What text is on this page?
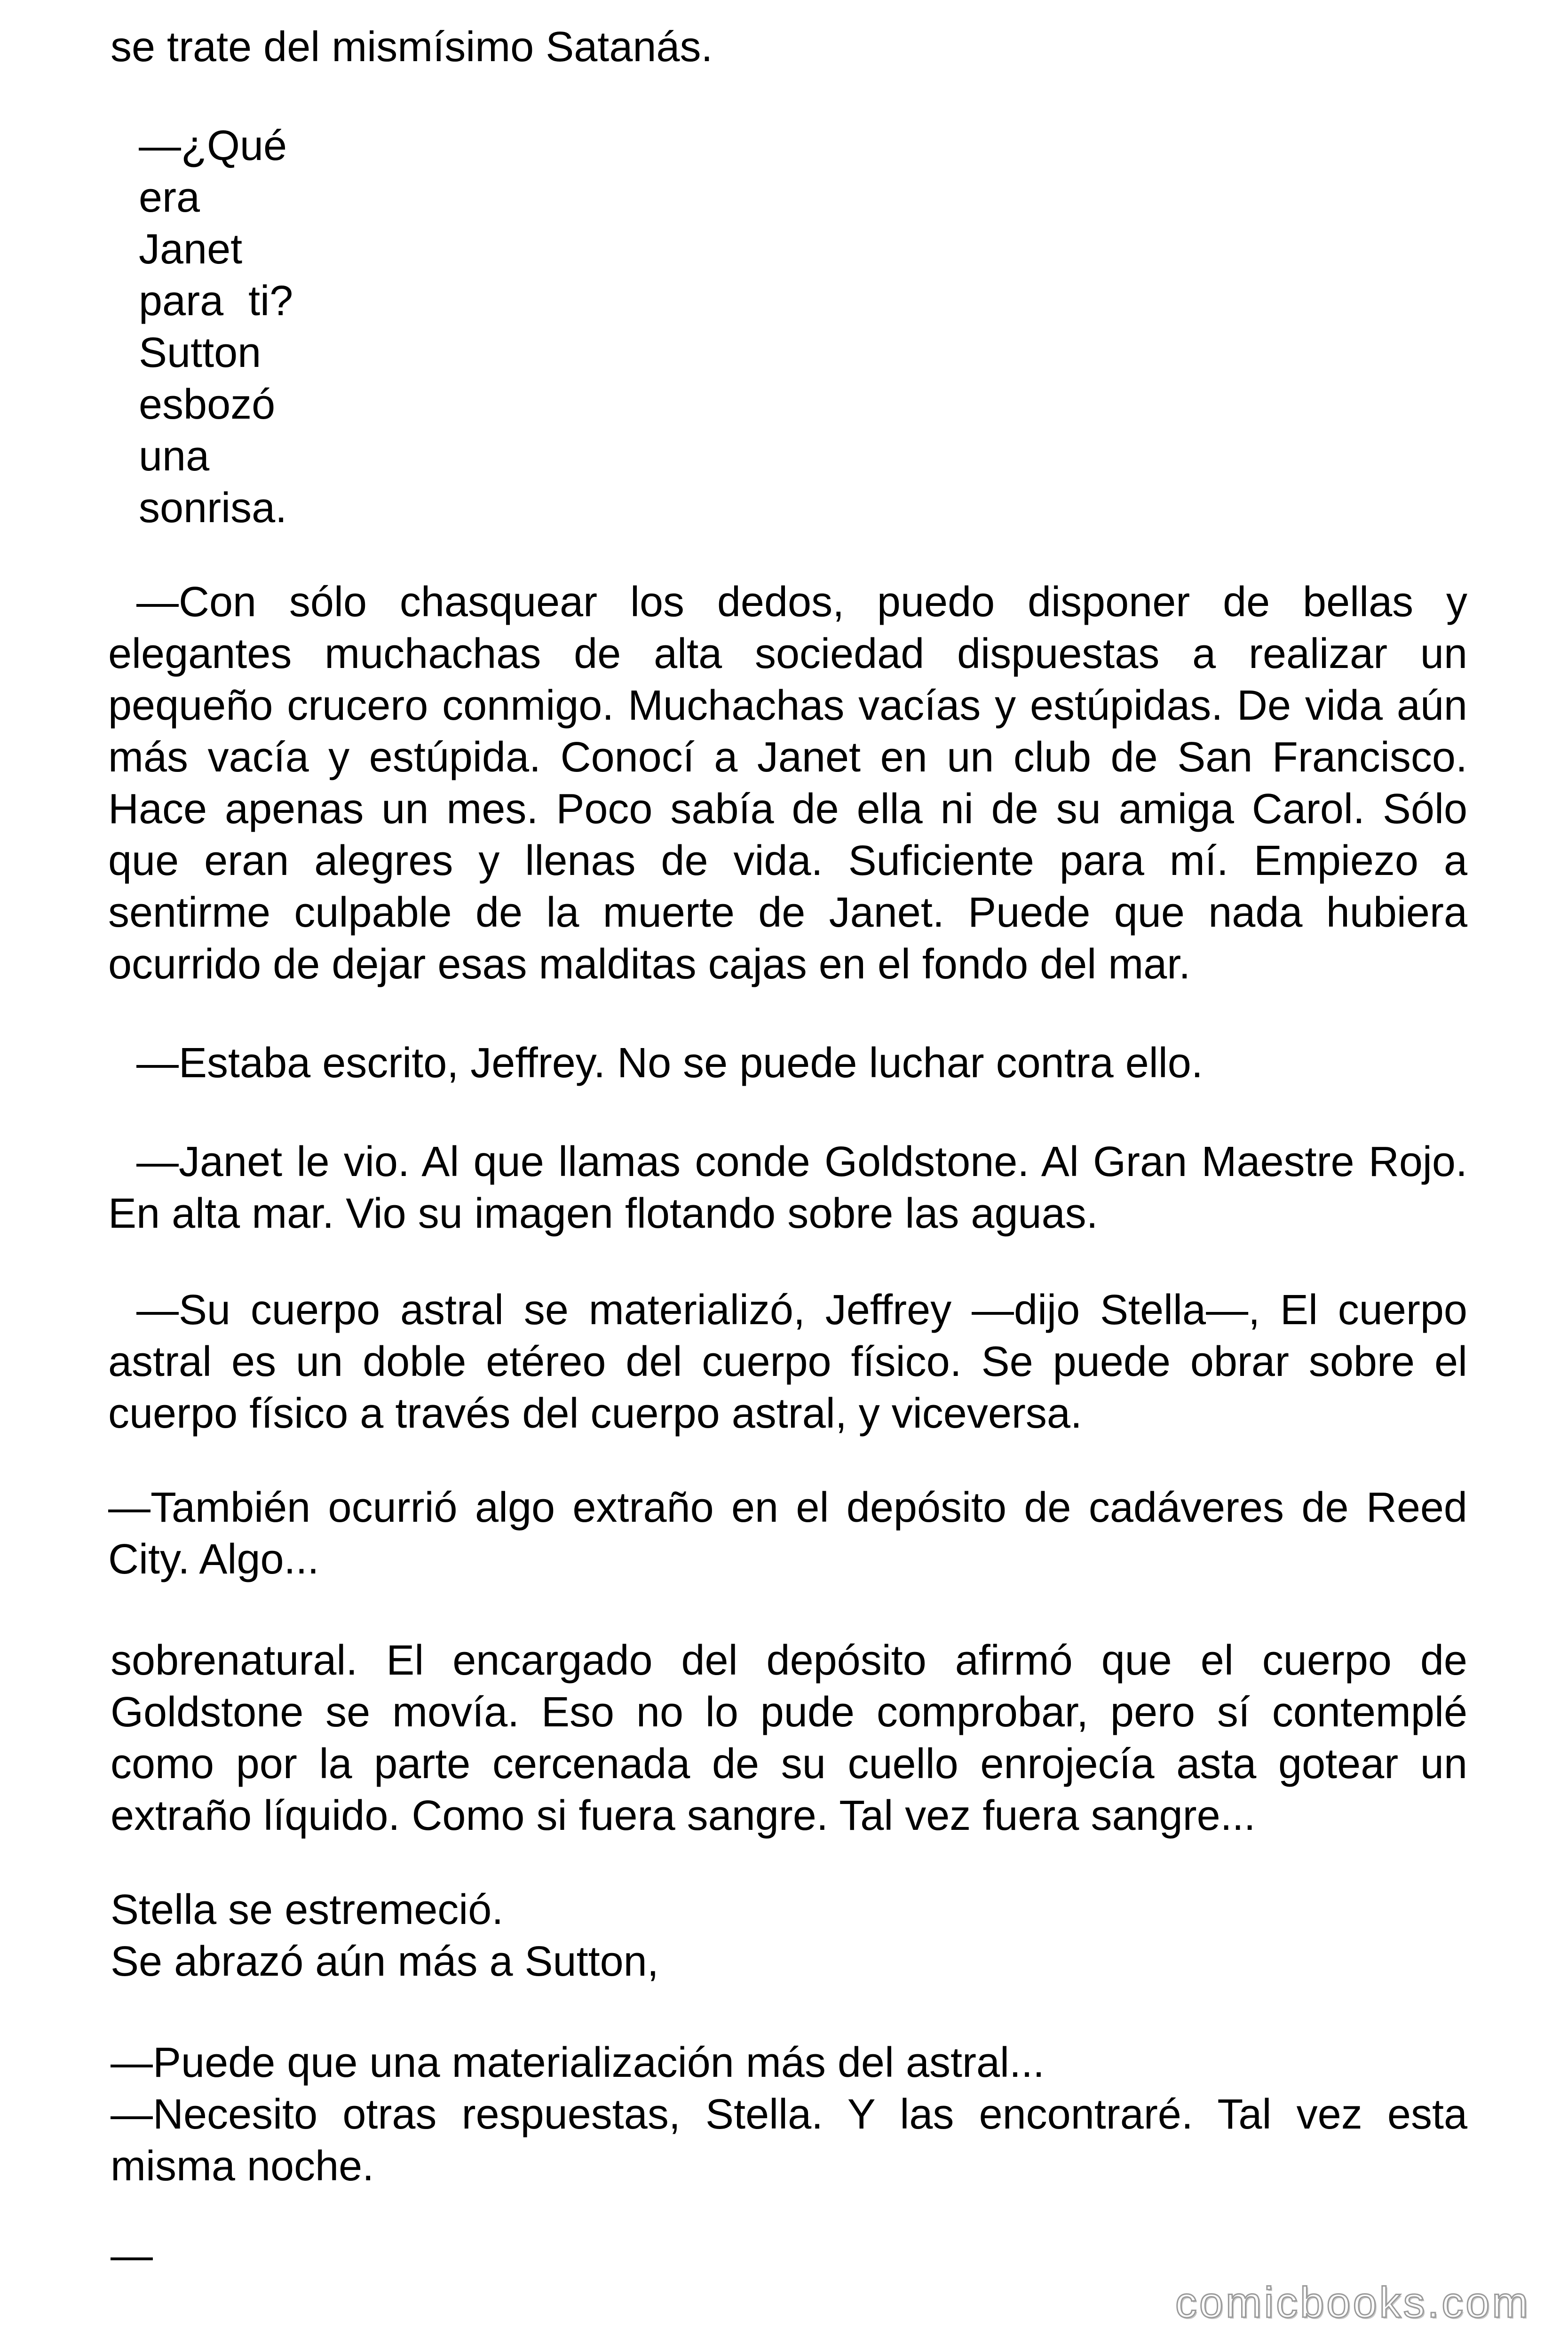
se trate del mismísimo Satanás.

—¿Qué
era
Janet
para ti?
Sutton
esbozó
una
sonrisa.

—Con sólo chasquear los dedos, puedo disponer de bellas y elegantes muchachas de alta sociedad dispuestas a realizar un pequeño crucero conmigo. Muchachas vacías y estúpidas. De vida aún más vacía y estúpida. Conocí a Janet en un club de San Francisco. Hace apenas un mes. Poco sabía de ella ni de su amiga Carol. Sólo que eran alegres y llenas de vida. Suficiente para mí. Empiezo a sentirme culpable de la muerte de Janet. Puede que nada hubiera ocurrido de dejar esas malditas cajas en el fondo del mar.

—Estaba escrito, Jeffrey. No se puede luchar contra ello.

—Janet le vio. Al que llamas conde Goldstone. Al Gran Maestre Rojo. En alta mar. Vio su imagen flotando sobre las aguas.

—Su cuerpo astral se materializó, Jeffrey —dijo Stella—, El cuerpo astral es un doble etéreo del cuerpo físico. Se puede obrar sobre el cuerpo físico a través del cuerpo astral, y viceversa.

—También ocurrió algo extraño en el depósito de cadáveres de Reed City. Algo...

sobrenatural. El encargado del depósito afirmó que el cuerpo de Goldstone se movía. Eso no lo pude comprobar, pero sí contemplé como por la parte cercenada de su cuello enrojecía asta gotear un extraño líquido. Como si fuera sangre. Tal vez fuera sangre...

Stella se estremeció.
Se abrazó aún más a Sutton,

—Puede que una materialización más del astral...

—Necesito otras respuestas, Stella. Y las encontraré. Tal vez esta misma noche.

—

comicbooks.com
